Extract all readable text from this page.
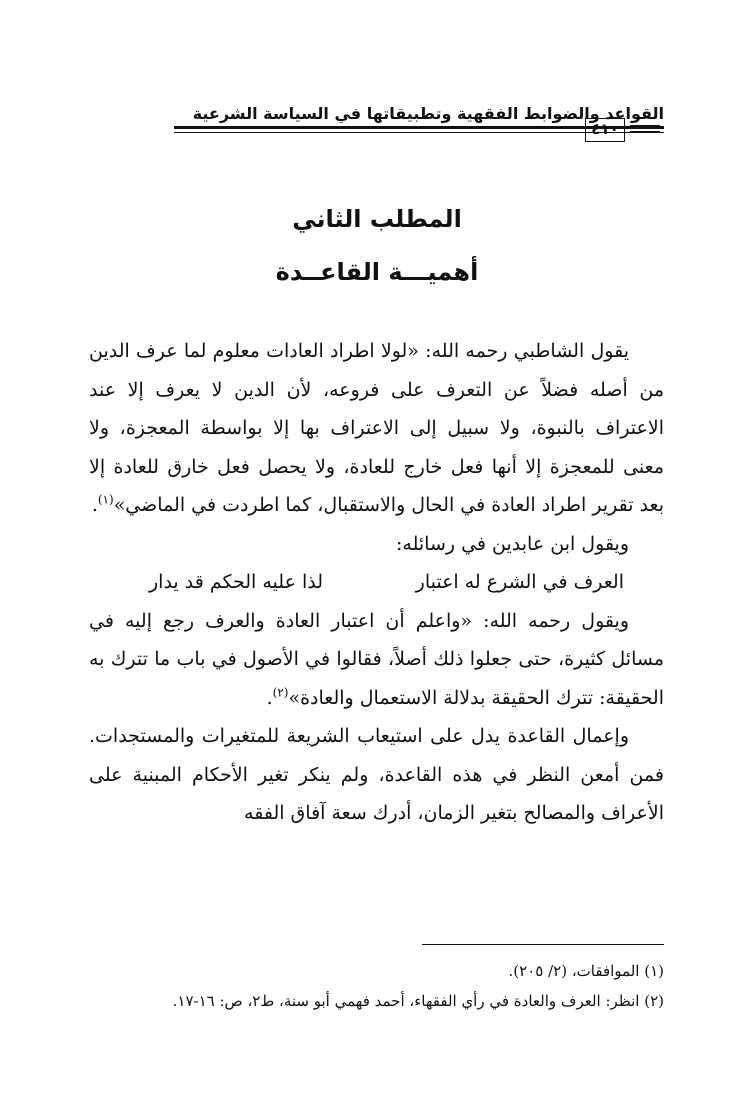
القواعد والضوابط الفقهية وتطبيقاتها في السياسة الشرعية
٤١٠
المطلب الثاني
أهميـــة القاعــدة

يقول الشاطبي رحمه الله: «لولا اطراد العادات معلوم لما عرف الدين من أصله فضلاً عن التعرف على فروعه، لأن الدين لا يعرف إلا عند الاعتراف بالنبوة، ولا سبيل إلى الاعتراف بها إلا بواسطة المعجزة، ولا معنى للمعجزة إلا أنها فعل خارج للعادة، ولا يحصل فعل خارق للعادة إلا بعد تقرير اطراد العادة في الحال والاستقبال، كما اطردت في الماضي»$^{(١)}$.

ويقول ابن عابدين في رسائله:

العرف في الشرع له اعتبار
لذا عليه الحكم قد يدار

ويقول رحمه الله: «واعلم أن اعتبار العادة والعرف رجع إليه في مسائل كثيرة، حتى جعلوا ذلك أصلاً، فقالوا في الأصول في باب ما تترك به الحقيقة: تترك الحقيقة بدلالة الاستعمال والعادة»$^{(٢)}$.

وإعمال القاعدة يدل على استيعاب الشريعة للمتغيرات والمستجدات. فمن أمعن النظر في هذه القاعدة، ولم ينكر تغير الأحكام المبنية على الأعراف والمصالح بتغير الزمان، أدرك سعة آفاق الفقه

(١) الموافقات، (٢/ ٢٠٥).

(٢) انظر: العرف والعادة في رأي الفقهاء، أحمد فهمي أبو سنة، ط٢، ص: ١٦-١٧.
